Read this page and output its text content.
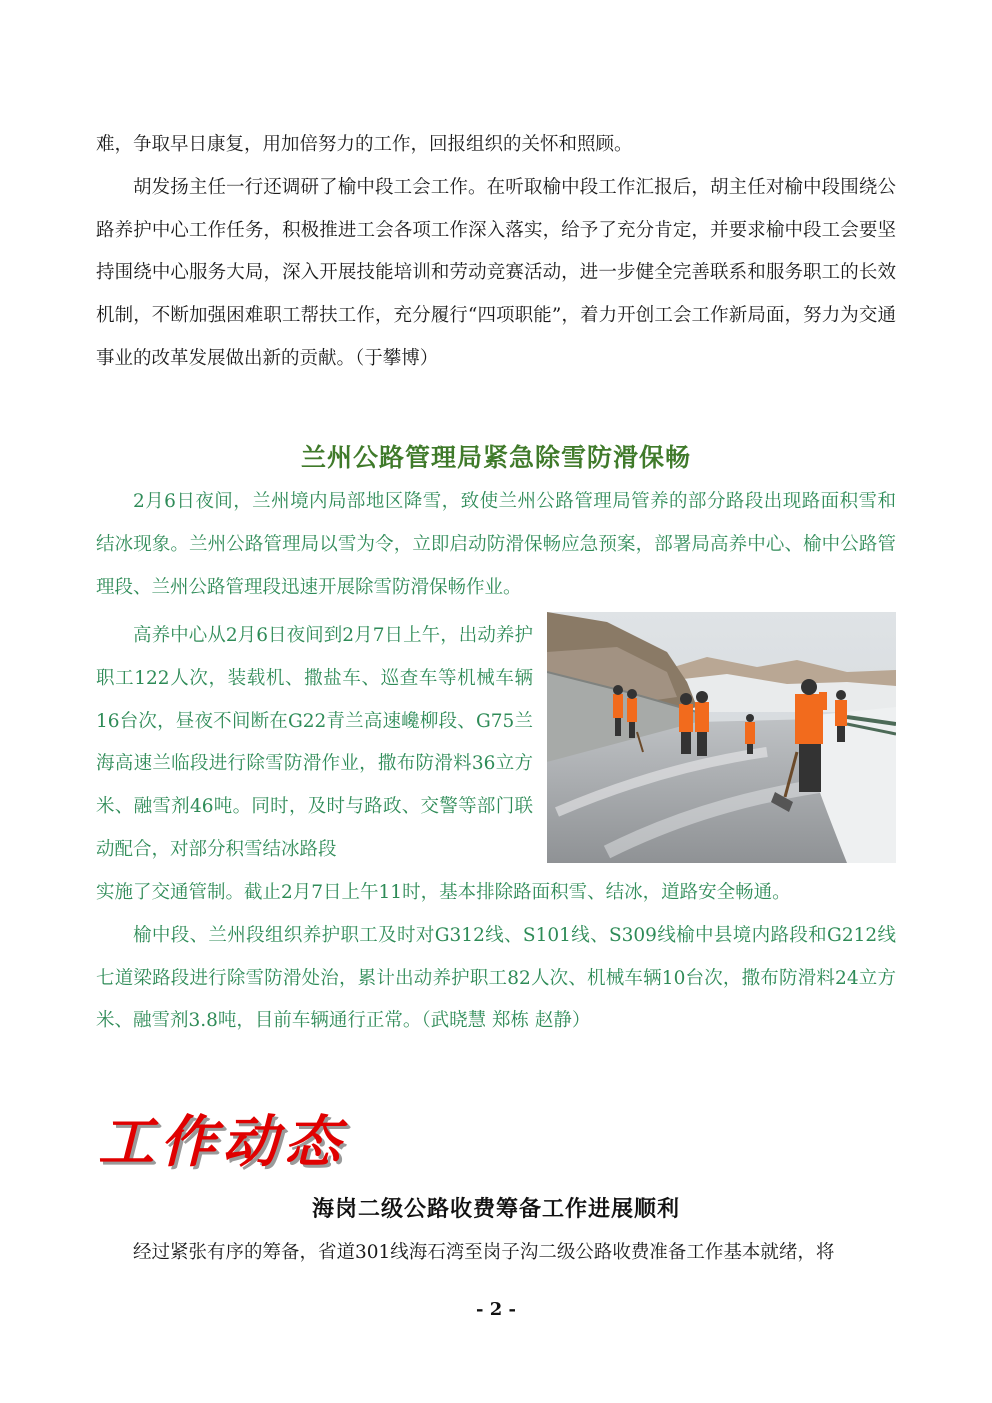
难，争取早日康复，用加倍努力的工作，回报组织的关怀和照顾。

胡发扬主任一行还调研了榆中段工会工作。在听取榆中段工作汇报后，胡主任对榆中段围绕公路养护中心工作任务，积极推进工会各项工作深入落实，给予了充分肯定，并要求榆中段工会要坚持围绕中心服务大局，深入开展技能培训和劳动竞赛活动，进一步健全完善联系和服务职工的长效机制，不断加强困难职工帮扶工作，充分履行“四项职能”，着力开创工会工作新局面，努力为交通事业的改革发展做出新的贡献。（于攀博）

兰州公路管理局紧急除雪防滑保畅

2月6日夜间，兰州境内局部地区降雪，致使兰州公路管理局管养的部分路段出现路面积雪和结冰现象。兰州公路管理局以雪为令，立即启动防滑保畅应急预案，部署局高养中心、榆中公路管理段、兰州公路管理段迅速开展除雪防滑保畅作业。

高养中心从2月6日夜间到2月7日上午，出动养护职工122人次，装载机、撒盐车、巡查车等机械车辆16台次，昼夜不间断在G22青兰高速巉柳段、G75兰海高速兰临段进行除雪防滑作业，撒布防滑料36立方米、融雪剂46吨。同时，及时与路政、交警等部门联动配合，对部分积雪结冰路段

实施了交通管制。截止2月7日上午11时，基本排除路面积雪、结冰，道路安全畅通。

榆中段、兰州段组织养护职工及时对G312线、S101线、S309线榆中县境内路段和G212线七道梁路段进行除雪防滑处治，累计出动养护职工82人次、机械车辆10台次，撒布防滑料24立方米、融雪剂3.8吨，目前车辆通行正常。（武晓慧 郑栋 赵静）

工作动态
海岗二级公路收费筹备工作进展顺利

经过紧张有序的筹备，省道301线海石湾至岗子沟二级公路收费准备工作基本就绪，将

- 2 -
